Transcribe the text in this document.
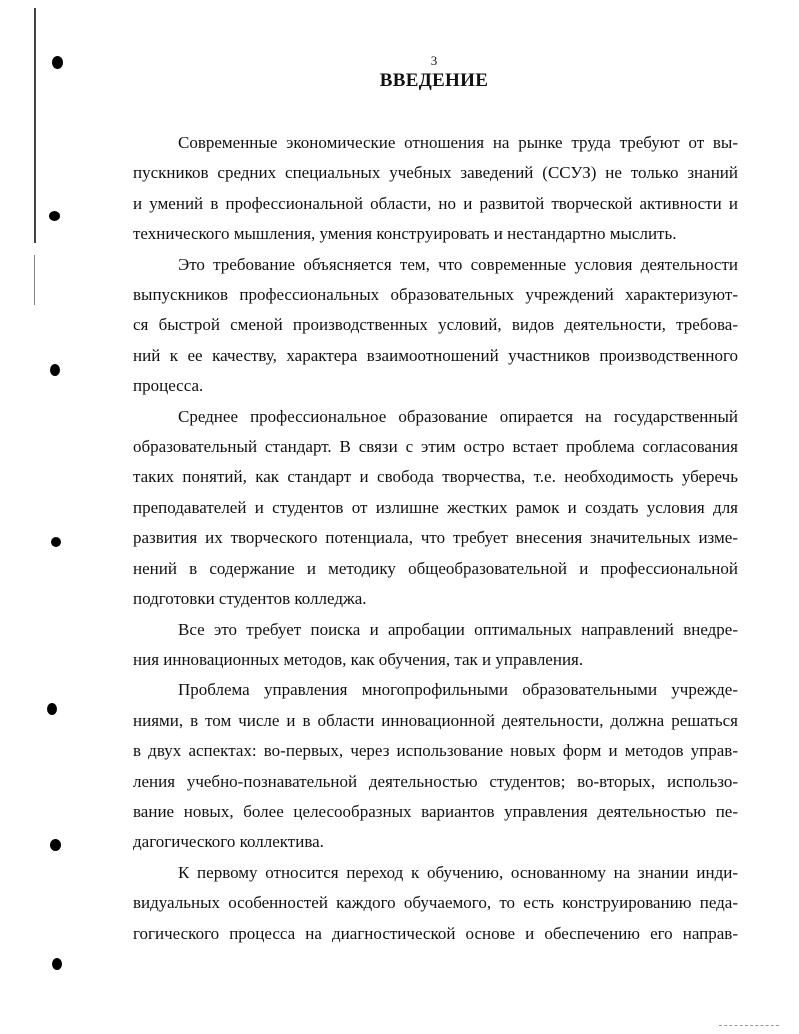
3
ВВЕДЕНИЕ
Современные экономические отношения на рынке труда требуют от вы-
пускников средних специальных учебных заведений (ССУЗ) не только знаний
и умений в профессиональной области, но и развитой творческой активности и
технического мышления, умения конструировать и нестандартно мыслить.
Это требование объясняется тем, что современные условия деятельности
выпускников профессиональных образовательных учреждений характеризуют-
ся быстрой сменой производственных условий, видов деятельности, требова-
ний к ее качеству, характера взаимоотношений участников производственного
процесса.
Среднее профессиональное образование опирается на государственный
образовательный стандарт. В связи с этим остро встает проблема согласования
таких понятий, как стандарт и свобода творчества, т.е. необходимость уберечь
преподавателей и студентов от излишне жестких рамок и создать условия для
развития их творческого потенциала, что требует внесения значительных изме-
нений в содержание и методику общеобразовательной и профессиональной
подготовки студентов колледжа.
Все это требует поиска и апробации оптимальных направлений внедре-
ния инновационных методов, как обучения, так и управления.
Проблема управления многопрофильными образовательными учрежде-
ниями, в том числе и в области инновационной деятельности, должна решаться
в двух аспектах: во-первых, через использование новых форм и методов управ-
ления учебно-познавательной деятельностью студентов; во-вторых, использо-
вание новых, более целесообразных вариантов управления деятельностью пе-
дагогического коллектива.
К первому относится переход к обучению, основанному на знании инди-
видуальных особенностей каждого обучаемого, то есть конструированию педа-
гогического процесса на диагностической основе и обеспечению его направ-
